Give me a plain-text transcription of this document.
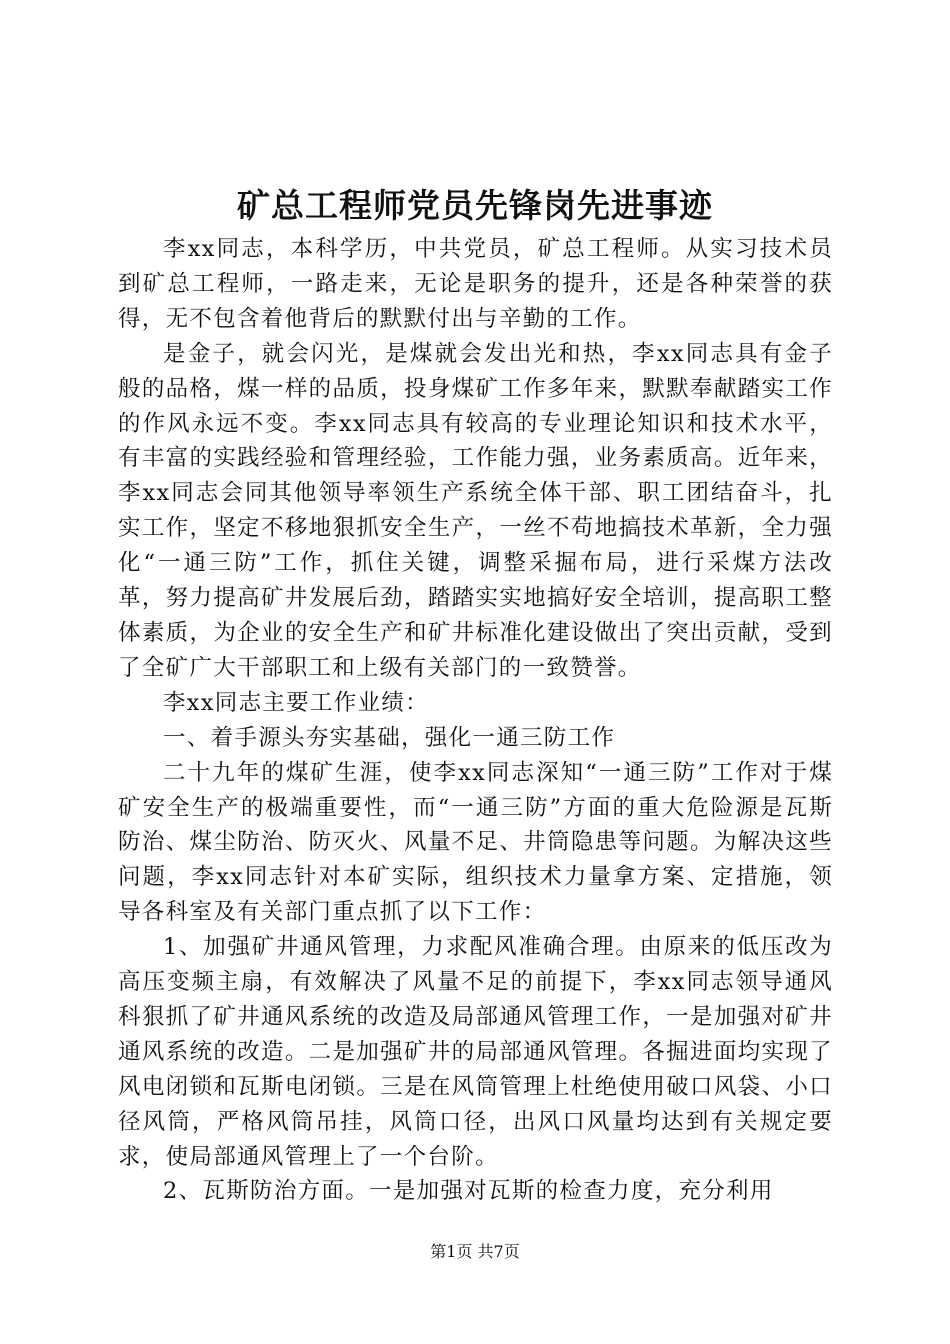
矿总工程师党员先锋岗先进事迹

李xx同志，本科学历，中共党员，矿总工程师。从实习技术员到矿总工程师，一路走来，无论是职务的提升，还是各种荣誉的获得，无不包含着他背后的默默付出与辛勤的工作。

是金子，就会闪光，是煤就会发出光和热，李xx同志具有金子般的品格，煤一样的品质，投身煤矿工作多年来，默默奉献踏实工作的作风永远不变。李xx同志具有较高的专业理论知识和技术水平，有丰富的实践经验和管理经验，工作能力强，业务素质高。近年来，李xx同志会同其他领导率领生产系统全体干部、职工团结奋斗，扎实工作，坚定不移地狠抓安全生产，一丝不苟地搞技术革新，全力强化“一通三防”工作，抓住关键，调整采掘布局，进行采煤方法改革，努力提高矿井发展后劲，踏踏实实地搞好安全培训，提高职工整体素质，为企业的安全生产和矿井标准化建设做出了突出贡献，受到了全矿广大干部职工和上级有关部门的一致赞誉。

李xx同志主要工作业绩：

一、着手源头夯实基础，强化一通三防工作

二十九年的煤矿生涯，使李xx同志深知“一通三防”工作对于煤矿安全生产的极端重要性，而“一通三防”方面的重大危险源是瓦斯防治、煤尘防治、防灭火、风量不足、井筒隐患等问题。为解决这些问题，李xx同志针对本矿实际，组织技术力量拿方案、定措施，领导各科室及有关部门重点抓了以下工作：

1、加强矿井通风管理，力求配风准确合理。由原来的低压改为高压变频主扇，有效解决了风量不足的前提下，李xx同志领导通风科狠抓了矿井通风系统的改造及局部通风管理工作，一是加强对矿井通风系统的改造。二是加强矿井的局部通风管理。各掘进面均实现了风电闭锁和瓦斯电闭锁。三是在风筒管理上杜绝使用破口风袋、小口径风筒，严格风筒吊挂，风筒口径，出风口风量均达到有关规定要求，使局部通风管理上了一个台阶。

2、瓦斯防治方面。一是加强对瓦斯的检查力度，充分利用

第1页 共7页
